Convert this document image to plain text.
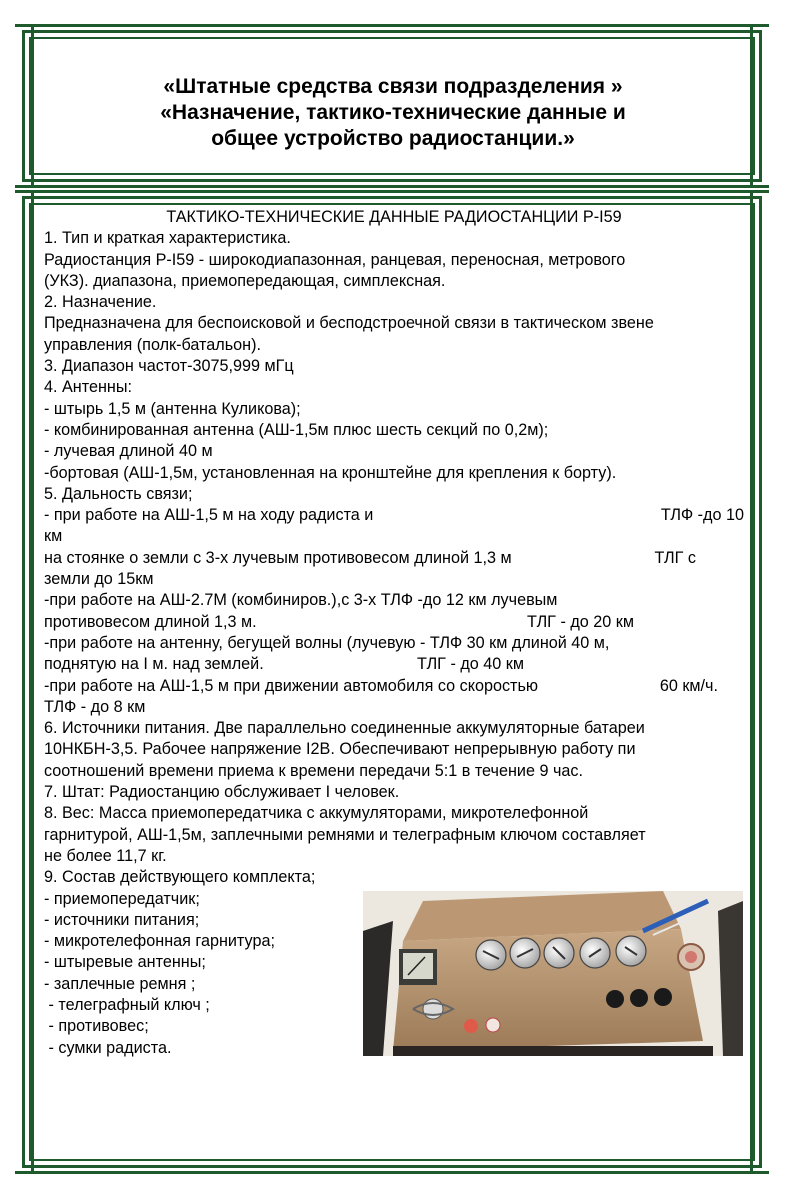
«Штатные средства связи подразделения »
«Назначение, тактико-технические данные и
общее устройство радиостанции.»
ТАКТИКО-ТЕХНИЧЕСКИЕ ДАННЫЕ РАДИОСТАНЦИИ Р-I59
1. Тип и краткая характеристика.
Радиостанция Р-I59 - широкодиапазонная, ранцевая, переносная, метрового
(УКЗ). диапазона, приемопередающая, симплексная.
2. Назначение.
Предназначена для беспоисковой и бесподстроечной связи в тактическом звене
управления (полк-батальон).
3. Диапазон частот-3075,999 мГц
4. Антенны:
- штырь 1,5 м (антенна Куликова);
- комбинированная антенна (АШ-1,5м плюс шесть секций по 0,2м);
- лучевая длиной 40 м
-бортовая (АШ-1,5м, установленная на кронштейне для крепления к борту).
5. Дальность связи;
- при работе на АШ-1,5 м на ходу радиста и	ТЛФ -до 10
км
на стоянке о земли с 3-х лучевым противовесом длиной 1,3 м	ТЛГ с
земли до 15км
-при работе на АШ-2.7М (комбиниров.),с 3-х ТЛФ -до 12 км лучевым
противовесом длиной 1,3 м.	ТЛГ - до 20 км
-при работе на антенну, бегущей волны (лучевую - ТЛФ 30 км длиной 40 м,
поднятую на I м. над землей.	ТЛГ - до 40 км
-при работе на АШ-1,5 м при движении автомобиля со скоростью	60 км/ч.
ТЛФ - до 8 км
6. Источники питания. Две параллельно соединенные аккумуляторные батареи
10НКБН-3,5. Рабочее напряжение I2В. Обеспечивают непрерывную работу пи
соотношений времени приема к времени передачи 5:1 в течение 9 час.
7. Штат: Радиостанцию обслуживает I человек.
8. Вес: Масса приемопередатчика с аккумуляторами, микротелефонной
гарнитурой, АШ-1,5м, заплечными ремнями и телеграфным ключом составляет
не более 11,7 кг.
9. Состав действующего комплекта;
- приемопередатчик;
- источники питания;
- микротелефонная гарнитура;
- штыревые антенны;
- заплечные ремня ;
- телеграфный ключ ;
- противовес;
- сумки радиста.
